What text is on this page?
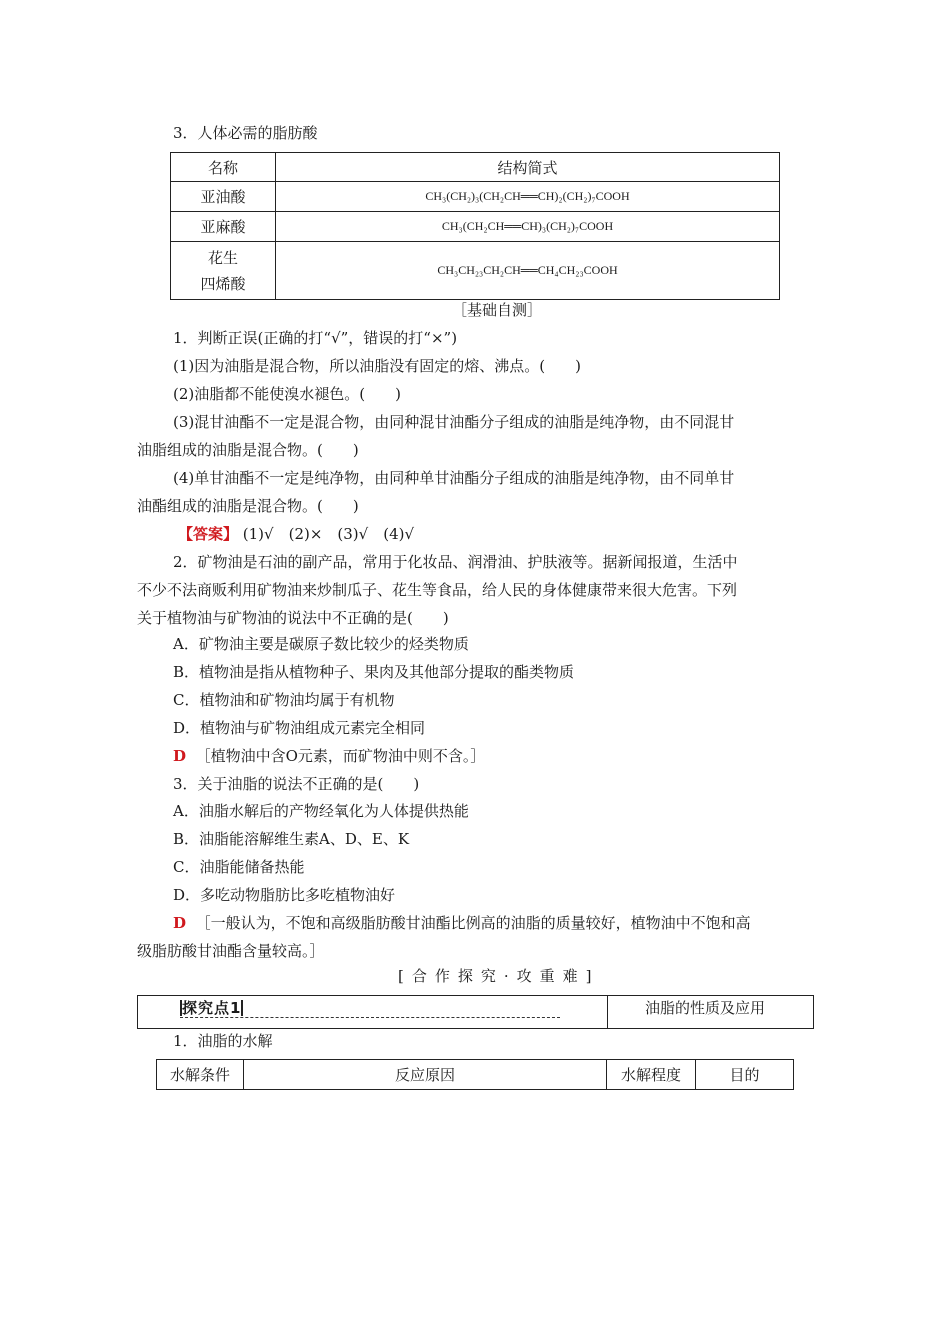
3．人体必需的脂肪酸
名称	结构简式
亚油酸	CH₃(CH₂)₃(CH₂CH══CH)₂(CH₂)₇COOH
亚麻酸	CH₃(CH₂CH══CH)₃(CH₂)₇COOH

花生
四烯酸	CH₃CH₂₃CH₂CH══CH₄CH₂₃COOH
［基础自测］
1．判断正误(正确的打“√”，错误的打“×”)
(1)因为油脂是混合物，所以油脂没有固定的熔、沸点。(　　)
(2)油脂都不能使溴水褪色。(　　)
(3)混甘油酯不一定是混合物，由同种混甘油酯分子组成的油脂是纯净物，由不同混甘
油脂组成的油脂是混合物。(　　)
(4)单甘油酯不一定是纯净物，由同种单甘油酯分子组成的油脂是纯净物，由不同单甘
油酯组成的油脂是混合物。(　　)
【答案】 (1)√　(2)×　(3)√　(4)√
2．矿物油是石油的副产品，常用于化妆品、润滑油、护肤液等。据新闻报道，生活中
不少不法商贩利用矿物油来炒制瓜子、花生等食品，给人民的身体健康带来很大危害。下列
关于植物油与矿物油的说法中不正确的是(　　)
A．矿物油主要是碳原子数比较少的烃类物质
B．植物油是指从植物种子、果肉及其他部分提取的酯类物质
C．植物油和矿物油均属于有机物
D．植物油与矿物油组成元素完全相同
D ［植物油中含O元素，而矿物油中则不含。］
3．关于油脂的说法不正确的是(　　)
A．油脂水解后的产物经氧化为人体提供热能
B．油脂能溶解维生素A、D、E、K
C．油脂能储备热能
D．多吃动物脂肪比多吃植物油好
D ［一般认为，不饱和高级脂肪酸甘油酯比例高的油脂的质量较好，植物油中不饱和高
级脂肪酸甘油酯含量较高。］
[合作探究·攻重难]
探究点1	油脂的性质及应用
1．油脂的水解
水解条件	反应原因	水解程度	目的
